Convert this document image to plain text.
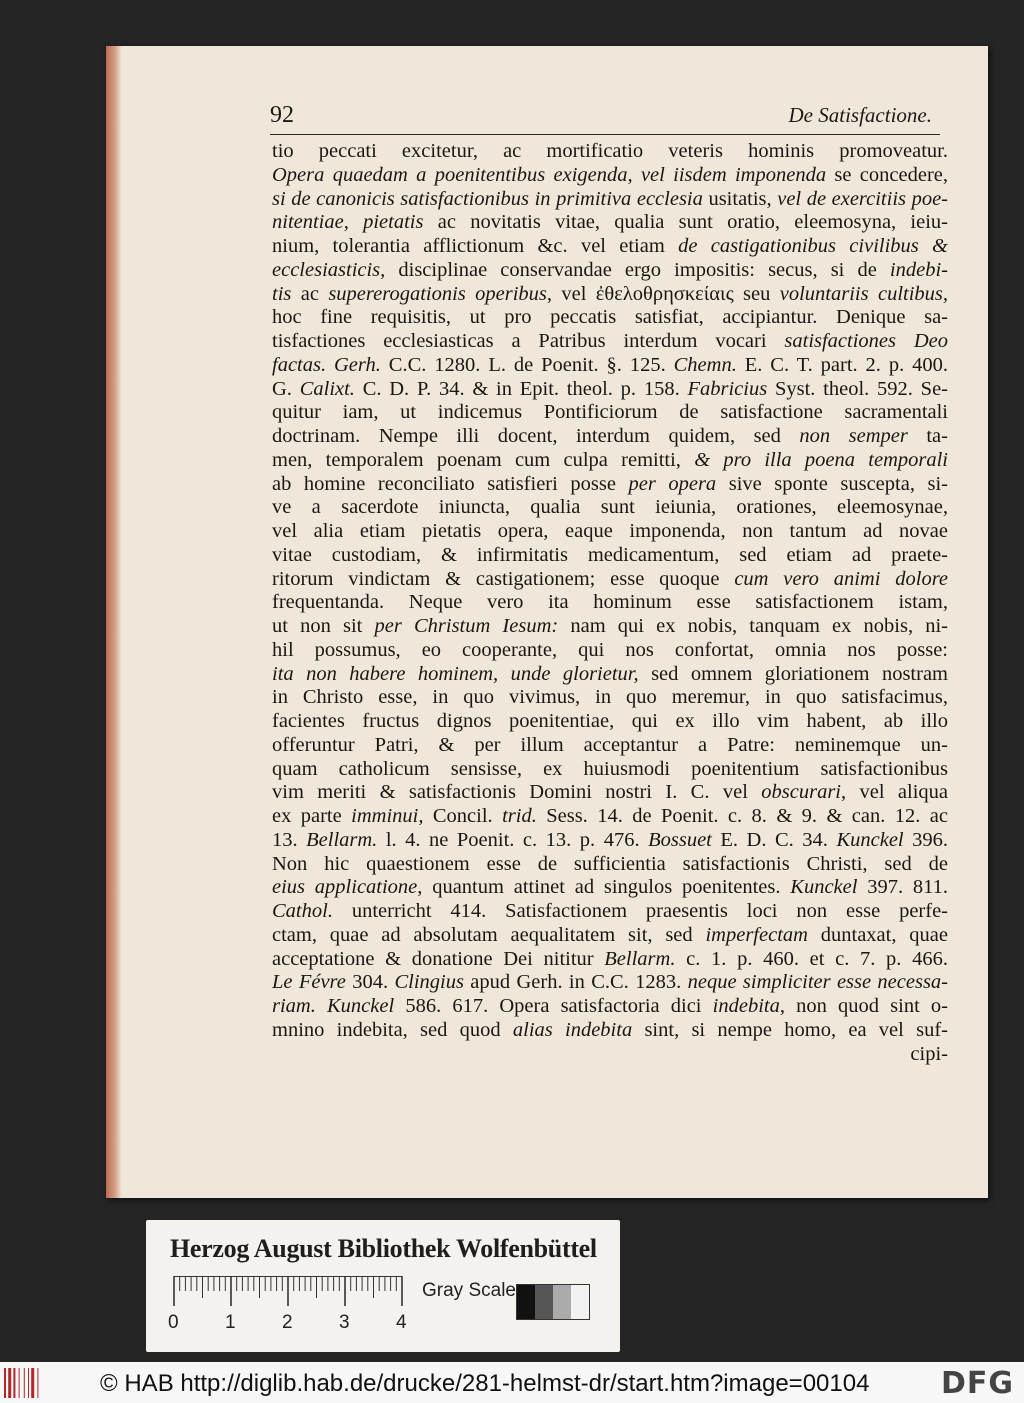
92	De Satisfactione.
tio peccati excitetur, ac mortificatio veteris hominis promoveatur.
Opera quaedam a poenitentibus exigenda, vel iisdem imponenda se concedere,
si de canonicis satisfactionibus in primitiva ecclesia usitatis, vel de exercitiis poe-
nitentiae, pietatis ac novitatis vitae, qualia sunt oratio, eleemosyna, ieiu-
nium, tolerantia afflictionum &c. vel etiam de castigationibus civilibus &
ecclesiasticis, disciplinae conservandae ergo impositis: secus, si de indebi-
tis ac supererogationis operibus, vel ἐθελοθρησκείαις seu voluntariis cultibus,
hoc fine requisitis, ut pro peccatis satisfiat, accipiantur. Denique sa-
tisfactiones ecclesiasticas a Patribus interdum vocari satisfactiones Deo
factas. Gerh. C.C. 1280. L. de Poenit. §. 125. Chemn. E. C. T. part. 2. p. 400.
G. Calixt. C. D. P. 34. & in Epit. theol. p. 158. Fabricius Syst. theol. 592. Se-
quitur iam, ut indicemus Pontificiorum de satisfactione sacramentali
doctrinam. Nempe illi docent, interdum quidem, sed non semper ta-
men, temporalem poenam cum culpa remitti, & pro illa poena temporali
ab homine reconciliato satisfieri posse per opera sive sponte suscepta, si-
ve a sacerdote iniuncta, qualia sunt ieiunia, orationes, eleemosynae,
vel alia etiam pietatis opera, eaque imponenda, non tantum ad novae
vitae custodiam, & infirmitatis medicamentum, sed etiam ad praete-
ritorum vindictam & castigationem; esse quoque cum vero animi dolore
frequentanda. Neque vero ita hominum esse satisfactionem istam,
ut non sit per Christum Iesum: nam qui ex nobis, tanquam ex nobis, ni-
hil possumus, eo cooperante, qui nos confortat, omnia nos posse:
ita non habere hominem, unde glorietur, sed omnem gloriationem nostram
in Christo esse, in quo vivimus, in quo meremur, in quo satisfacimus,
facientes fructus dignos poenitentiae, qui ex illo vim habent, ab illo
offeruntur Patri, & per illum acceptantur a Patre: neminemque un-
quam catholicum sensisse, ex huiusmodi poenitentium satisfactionibus
vim meriti & satisfactionis Domini nostri I. C. vel obscurari, vel aliqua
ex parte imminui, Concil. trid. Sess. 14. de Poenit. c. 8. & 9. & can. 12. ac
13. Bellarm. l. 4. ne Poenit. c. 13. p. 476. Bossuet E. D. C. 34. Kunckel 396.
Non hic quaestionem esse de sufficientia satisfactionis Christi, sed de
eius applicatione, quantum attinet ad singulos poenitentes. Kunckel 397. 811.
Cathol. unterricht 414. Satisfactionem praesentis loci non esse perfe-
ctam, quae ad absolutam aequalitatem sit, sed imperfectam duntaxat, quae
acceptatione & donatione Dei nititur Bellarm. c. 1. p. 460. et c. 7. p. 466.
Le Févre 304. Clingius apud Gerh. in C.C. 1283. neque simpliciter esse necessa-
riam. Kunckel 586. 617. Opera satisfactoria dici indebita, non quod sint o-
mnino indebita, sed quod alias indebita sint, si nempe homo, ea vel suf-
cipi-
Herzog August Bibliothek Wolfenbüttel
0 1 2 3 4
Gray Scale
© HAB http://diglib.hab.de/drucke/281-helmst-dr/start.htm?image=00104 DFG
